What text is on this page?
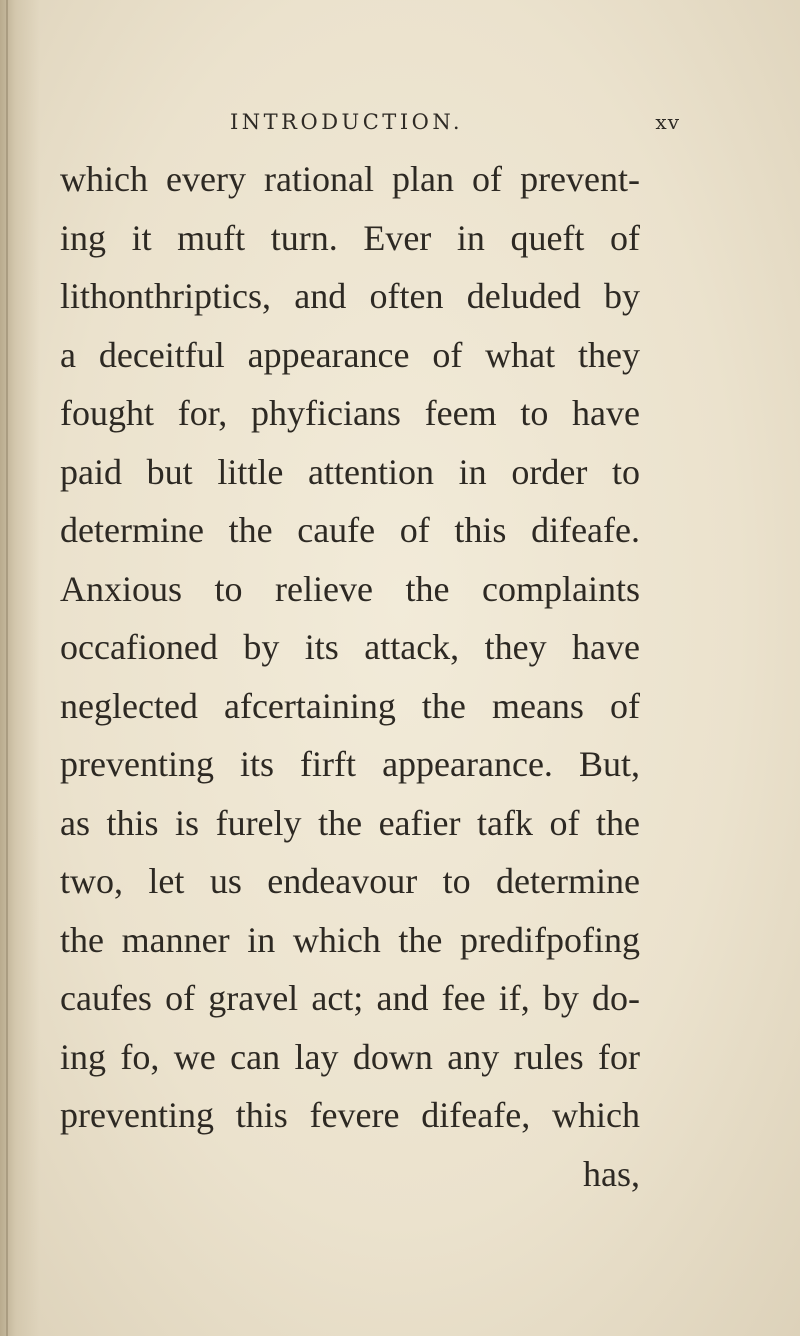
INTRODUCTION.	xv
which every rational plan of prevent-
ing it muft turn. Ever in queft of
lithonthriptics, and often deluded by
a deceitful appearance of what they
fought for, phyficians feem to have
paid but little attention in order to
determine the caufe of this difeafe.
Anxious to relieve the complaints
occafioned by its attack, they have
neglected afcertaining the means of
preventing its firft appearance. But,
as this is furely the eafier tafk of the
two, let us endeavour to determine
the manner in which the predifpofing
caufes of gravel act; and fee if, by do-
ing fo, we can lay down any rules for
preventing this fevere difeafe, which
has,
